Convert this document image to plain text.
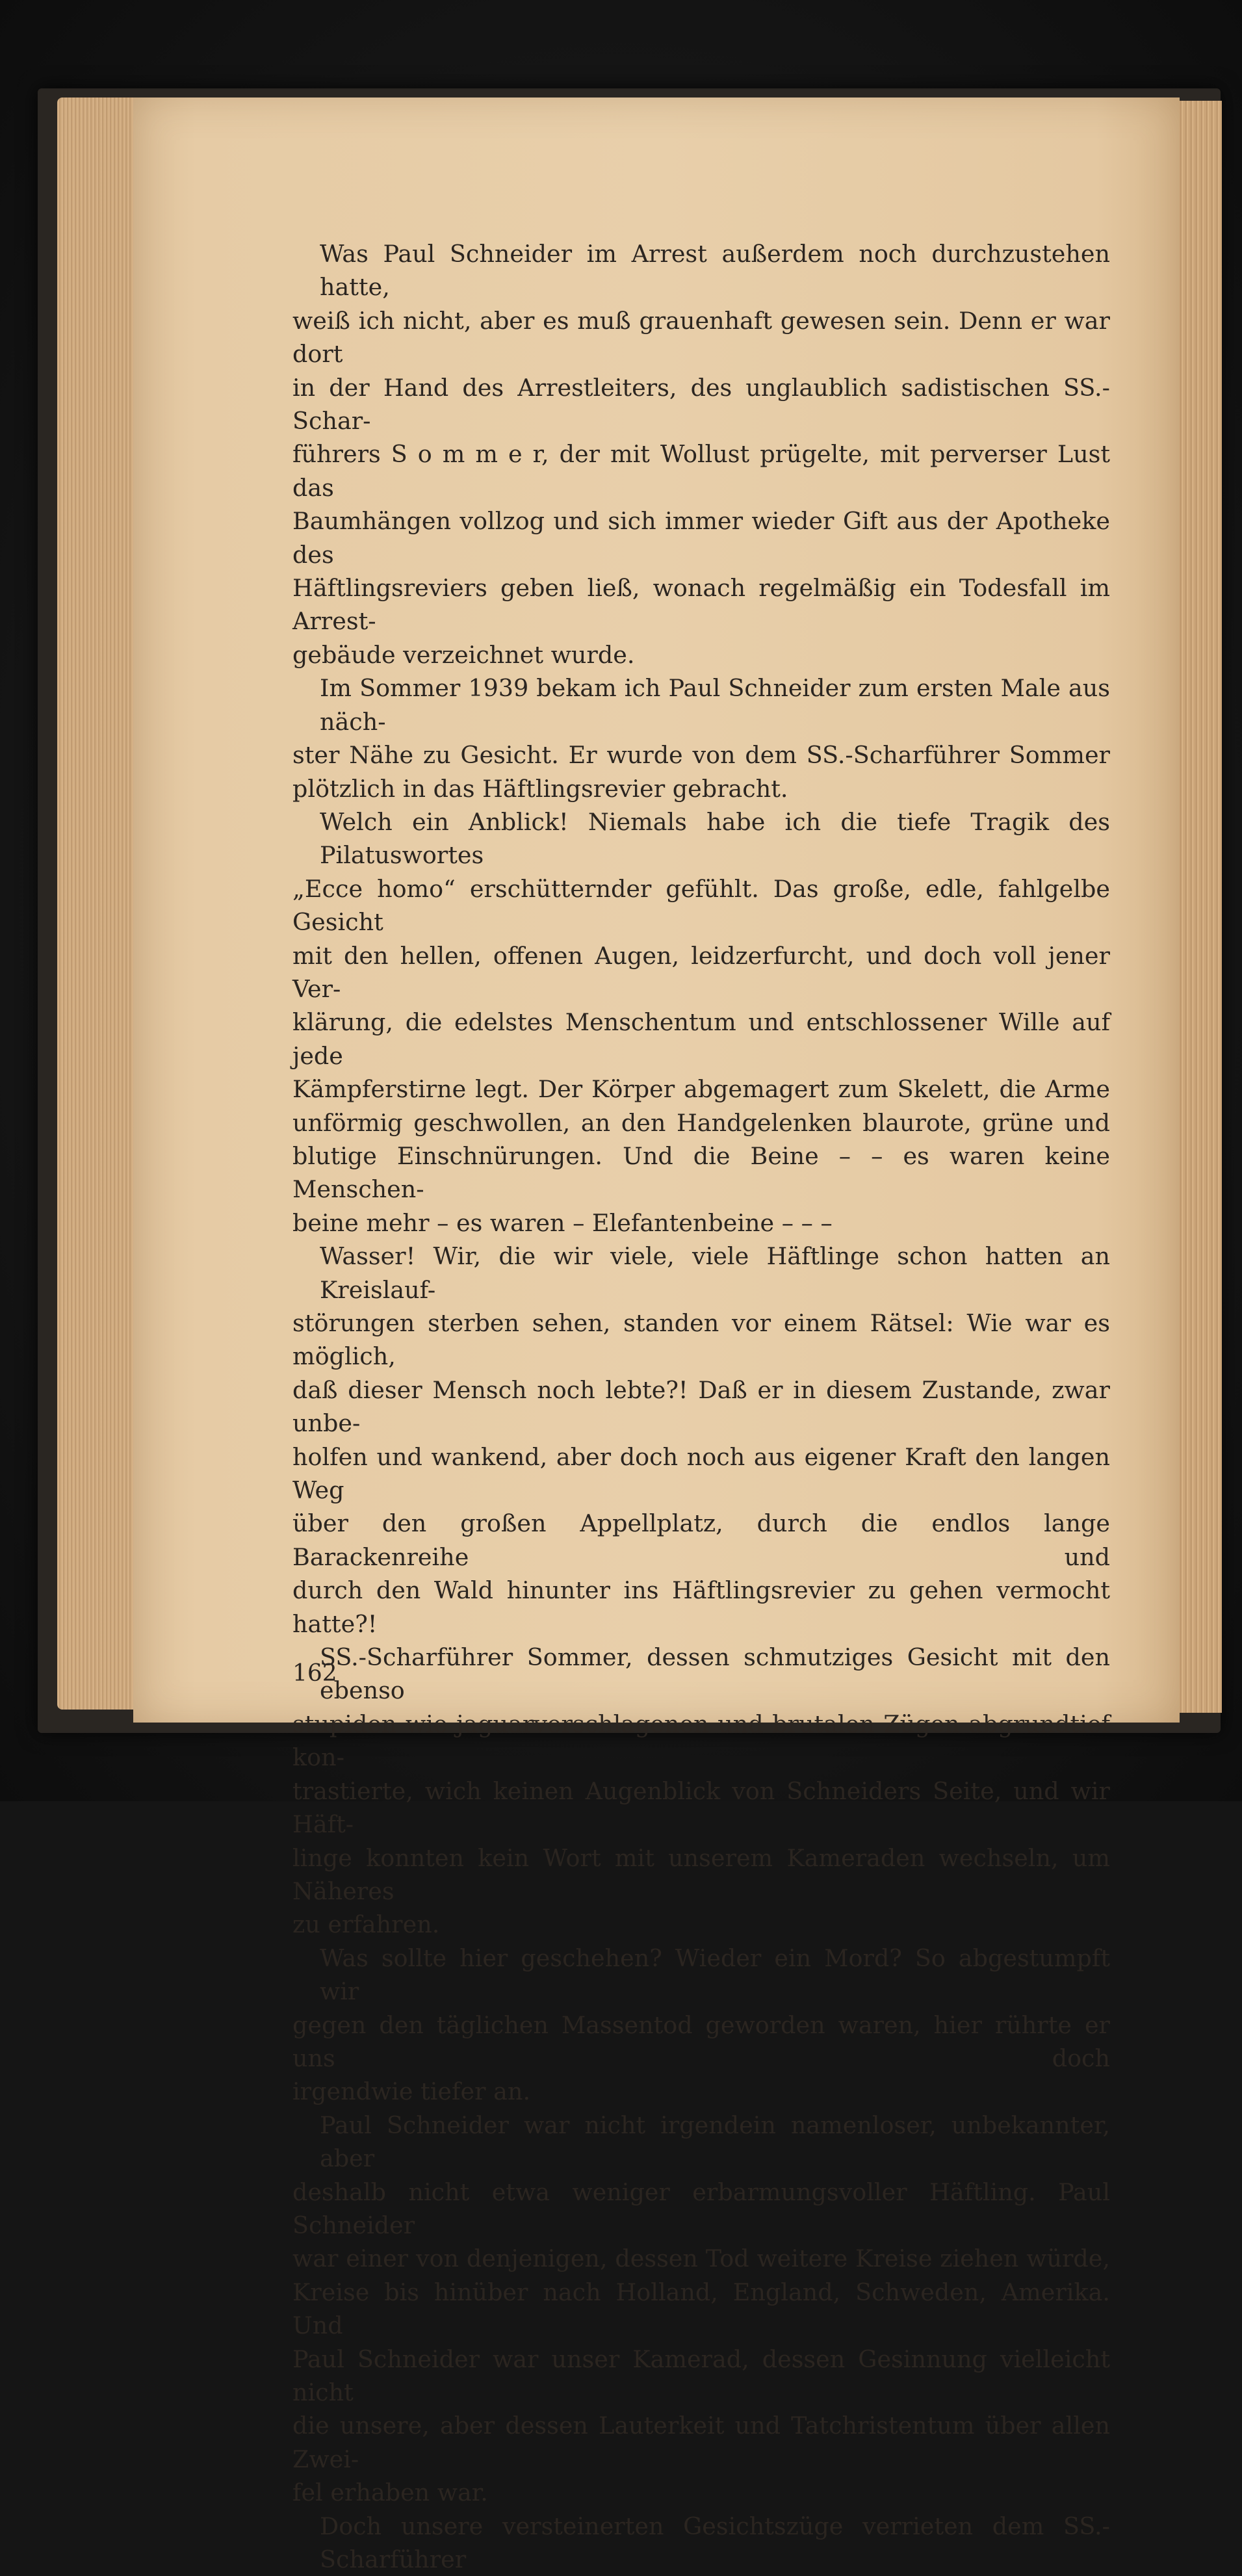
Was Paul Schneider im Arrest außerdem noch durchzustehen hatte,
weiß ich nicht, aber es muß grauenhaft gewesen sein. Denn er war dort
in der Hand des Arrestleiters, des unglaublich sadistischen SS.-Schar-
führers S o m m e r, der mit Wollust prügelte, mit perverser Lust das
Baumhängen vollzog und sich immer wieder Gift aus der Apotheke des
Häftlingsreviers geben ließ, wonach regelmäßig ein Todesfall im Arrest-
gebäude verzeichnet wurde.
Im Sommer 1939 bekam ich Paul Schneider zum ersten Male aus näch-
ster Nähe zu Gesicht. Er wurde von dem SS.-Scharführer Sommer
plötzlich in das Häftlingsrevier gebracht.
Welch ein Anblick! Niemals habe ich die tiefe Tragik des Pilatuswortes
„Ecce homo“ erschütternder gefühlt. Das große, edle, fahlgelbe Gesicht
mit den hellen, offenen Augen, leidzerfurcht, und doch voll jener Ver-
klärung, die edelstes Menschentum und entschlossener Wille auf jede
Kämpferstirne legt. Der Körper abgemagert zum Skelett, die Arme
unförmig geschwollen, an den Handgelenken blaurote, grüne und
blutige Einschnürungen. Und die Beine – – es waren keine Menschen-
beine mehr – es waren – Elefantenbeine – – –
Wasser! Wir, die wir viele, viele Häftlinge schon hatten an Kreislauf-
störungen sterben sehen, standen vor einem Rätsel: Wie war es möglich,
daß dieser Mensch noch lebte?! Daß er in diesem Zustande, zwar unbe-
holfen und wankend, aber doch noch aus eigener Kraft den langen Weg
über den großen Appellplatz, durch die endlos lange Barackenreihe und
durch den Wald hinunter ins Häftlingsrevier zu gehen vermocht hatte?!
SS.-Scharführer Sommer, dessen schmutziges Gesicht mit den ebenso
stupiden wie jaguarverschlagenen und brutalen Zügen abgrundtief kon-
trastierte, wich keinen Augenblick von Schneiders Seite, und wir Häft-
linge konnten kein Wort mit unserem Kameraden wechseln, um Näheres
zu erfahren.
Was sollte hier geschehen? Wieder ein Mord? So abgestumpft wir
gegen den täglichen Massentod geworden waren, hier rührte er uns doch
irgendwie tiefer an.
Paul Schneider war nicht irgendein namenloser, unbekannter, aber
deshalb nicht etwa weniger erbarmungsvoller Häftling. Paul Schneider
war einer von denjenigen, dessen Tod weitere Kreise ziehen würde,
Kreise bis hinüber nach Holland, England, Schweden, Amerika. Und
Paul Schneider war unser Kamerad, dessen Gesinnung vielleicht nicht
die unsere, aber dessen Lauterkeit und Tatchristentum über allen Zwei-
fel erhaben war.
Doch unsere versteinerten Gesichtszüge verrieten dem SS.-Scharführer
162
